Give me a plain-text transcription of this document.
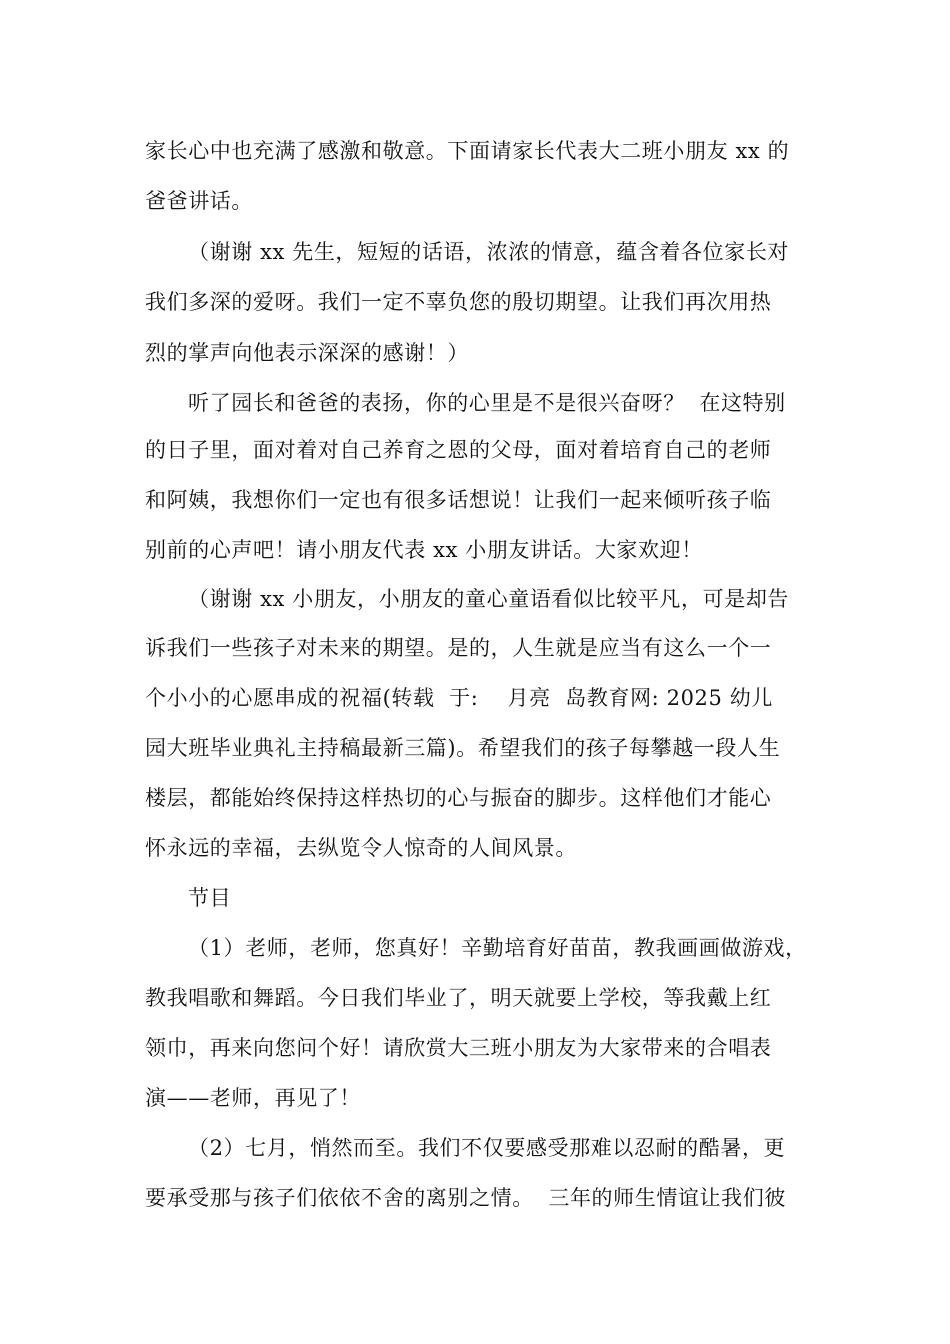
家长心中也充满了感激和敬意。下面请家长代表大二班小朋友 xx 的
爸爸讲话。
（谢谢 xx 先生，短短的话语，浓浓的情意，蕴含着各位家长对
我们多深的爱呀。我们一定不辜负您的殷切期望。让我们再次用热
烈的掌声向他表示深深的感谢！）
听了园长和爸爸的表扬，你的心里是不是很兴奋呀？  在这特别
的日子里，面对着对自己养育之恩的父母，面对着培育自己的老师
和阿姨，我想你们一定也有很多话想说！让我们一起来倾听孩子临
别前的心声吧！请小朋友代表 xx 小朋友讲话。大家欢迎！
（谢谢 xx 小朋友，小朋友的童心童语看似比较平凡，可是却告
诉我们一些孩子对未来的期望。是的，人生就是应当有这么一个一
个小小的心愿串成的祝福(转载  于:    月亮  岛教育网: 2025 幼儿
园大班毕业典礼主持稿最新三篇)。希望我们的孩子每攀越一段人生
楼层，都能始终保持这样热切的心与振奋的脚步。这样他们才能心
怀永远的幸福，去纵览令人惊奇的人间风景。
节目
（1）老师，老师，您真好！辛勤培育好苗苗，教我画画做游戏，
教我唱歌和舞蹈。今日我们毕业了，明天就要上学校，等我戴上红
领巾，再来向您问个好！请欣赏大三班小朋友为大家带来的合唱表
演——老师，再见了！
（2）七月，悄然而至。我们不仅要感受那难以忍耐的酷暑，更
要承受那与孩子们依依不舍的离别之情。  三年的师生情谊让我们彼
